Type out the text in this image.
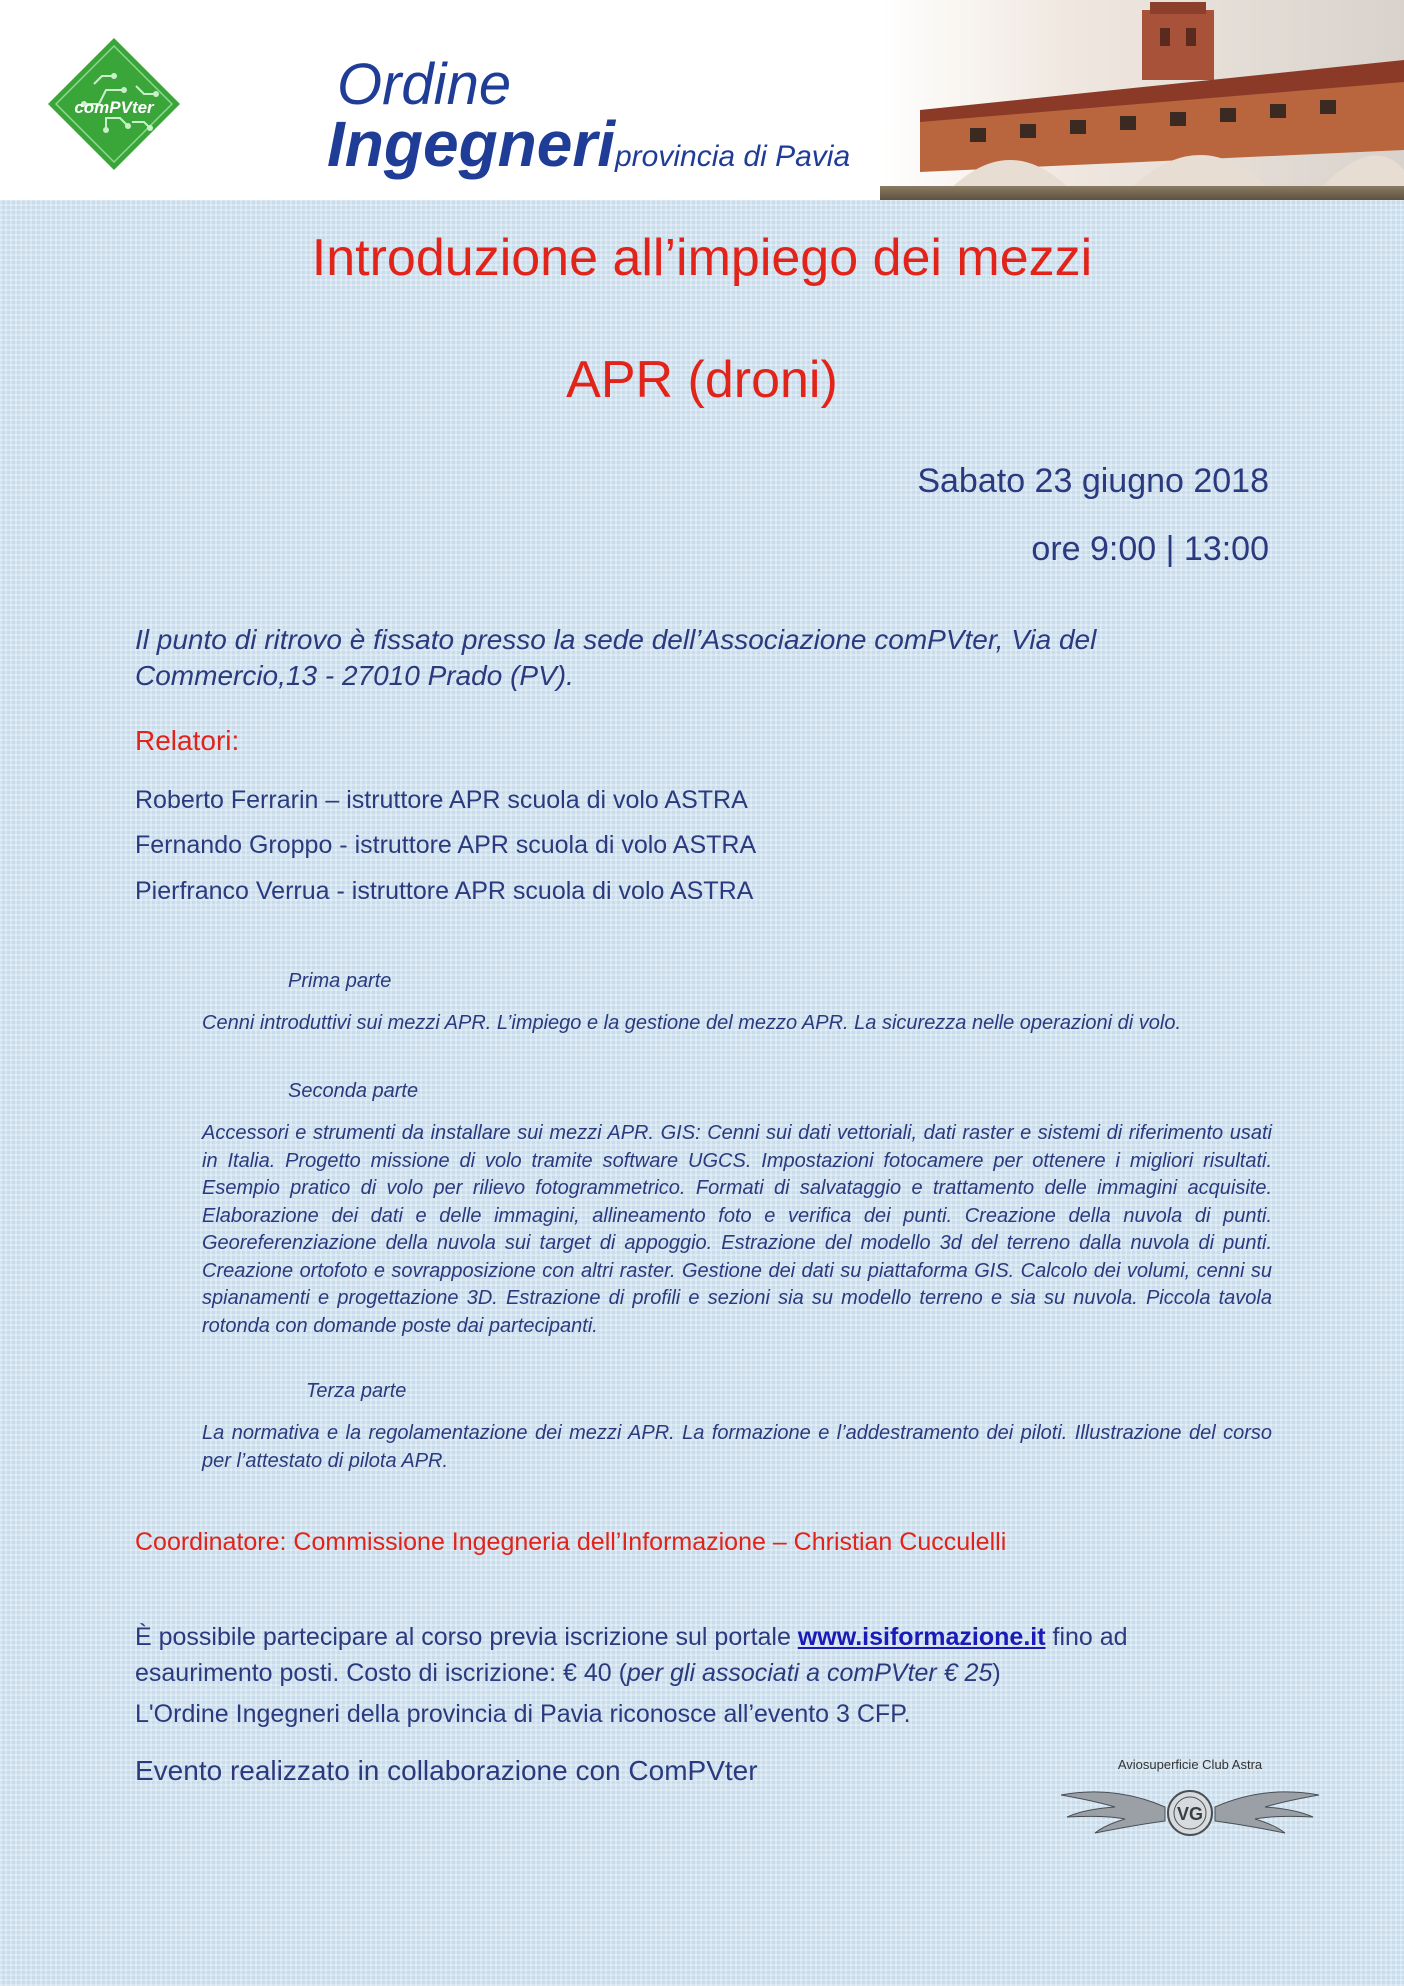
comPVter	Ordine
Ingegneri provincia di Pavia
Introduzione all’impiego dei mezzi
APR (droni)
Sabato 23 giugno 2018
ore 9:00 | 13:00
Il punto di ritrovo è fissato presso la sede dell’Associazione comPVter, Via del Commercio,13 - 27010 Prado (PV).
Relatori:
Roberto Ferrarin – istruttore APR scuola di volo ASTRA
Fernando Groppo - istruttore APR scuola di volo ASTRA
Pierfranco Verrua - istruttore APR scuola di volo ASTRA
Prima parte

Cenni introduttivi sui mezzi APR. L’impiego e la gestione del mezzo APR. La sicurezza nelle operazioni di volo.

Seconda parte

Accessori e strumenti da installare sui mezzi APR. GIS: Cenni sui dati vettoriali, dati raster e sistemi di riferimento usati in Italia. Progetto missione di volo tramite software UGCS. Impostazioni fotocamere per ottenere i migliori risultati. Esempio pratico di volo per rilievo fotogrammetrico. Formati di salvataggio e trattamento delle immagini acquisite. Elaborazione dei dati e delle immagini, allineamento foto e verifica dei punti. Creazione della nuvola di punti. Georeferenziazione della nuvola sui target di appoggio. Estrazione del modello 3d del terreno dalla nuvola di punti. Creazione ortofoto e sovrapposizione con altri raster. Gestione dei dati su piattaforma GIS. Calcolo dei volumi, cenni su spianamenti e progettazione 3D. Estrazione di profili e sezioni sia su modello terreno e sia su nuvola. Piccola tavola rotonda con domande poste dai partecipanti.

Terza parte

La normativa e la regolamentazione dei mezzi APR. La formazione e l’addestramento dei piloti. Illustrazione del corso per l’attestato di pilota APR.

Coordinatore: Commissione Ingegneria dell’Informazione – Christian Cucculelli
È possibile partecipare al corso previa iscrizione sul portale www.isiformazione.it fino ad
esaurimento posti. Costo di iscrizione: € 40 (per gli associati a comPVter € 25)
L'Ordine Ingegneri della provincia di Pavia riconosce all’evento 3 CFP.
Evento realizzato in collaborazione con ComPVter	Aviosuperficie Club Astra
VG
